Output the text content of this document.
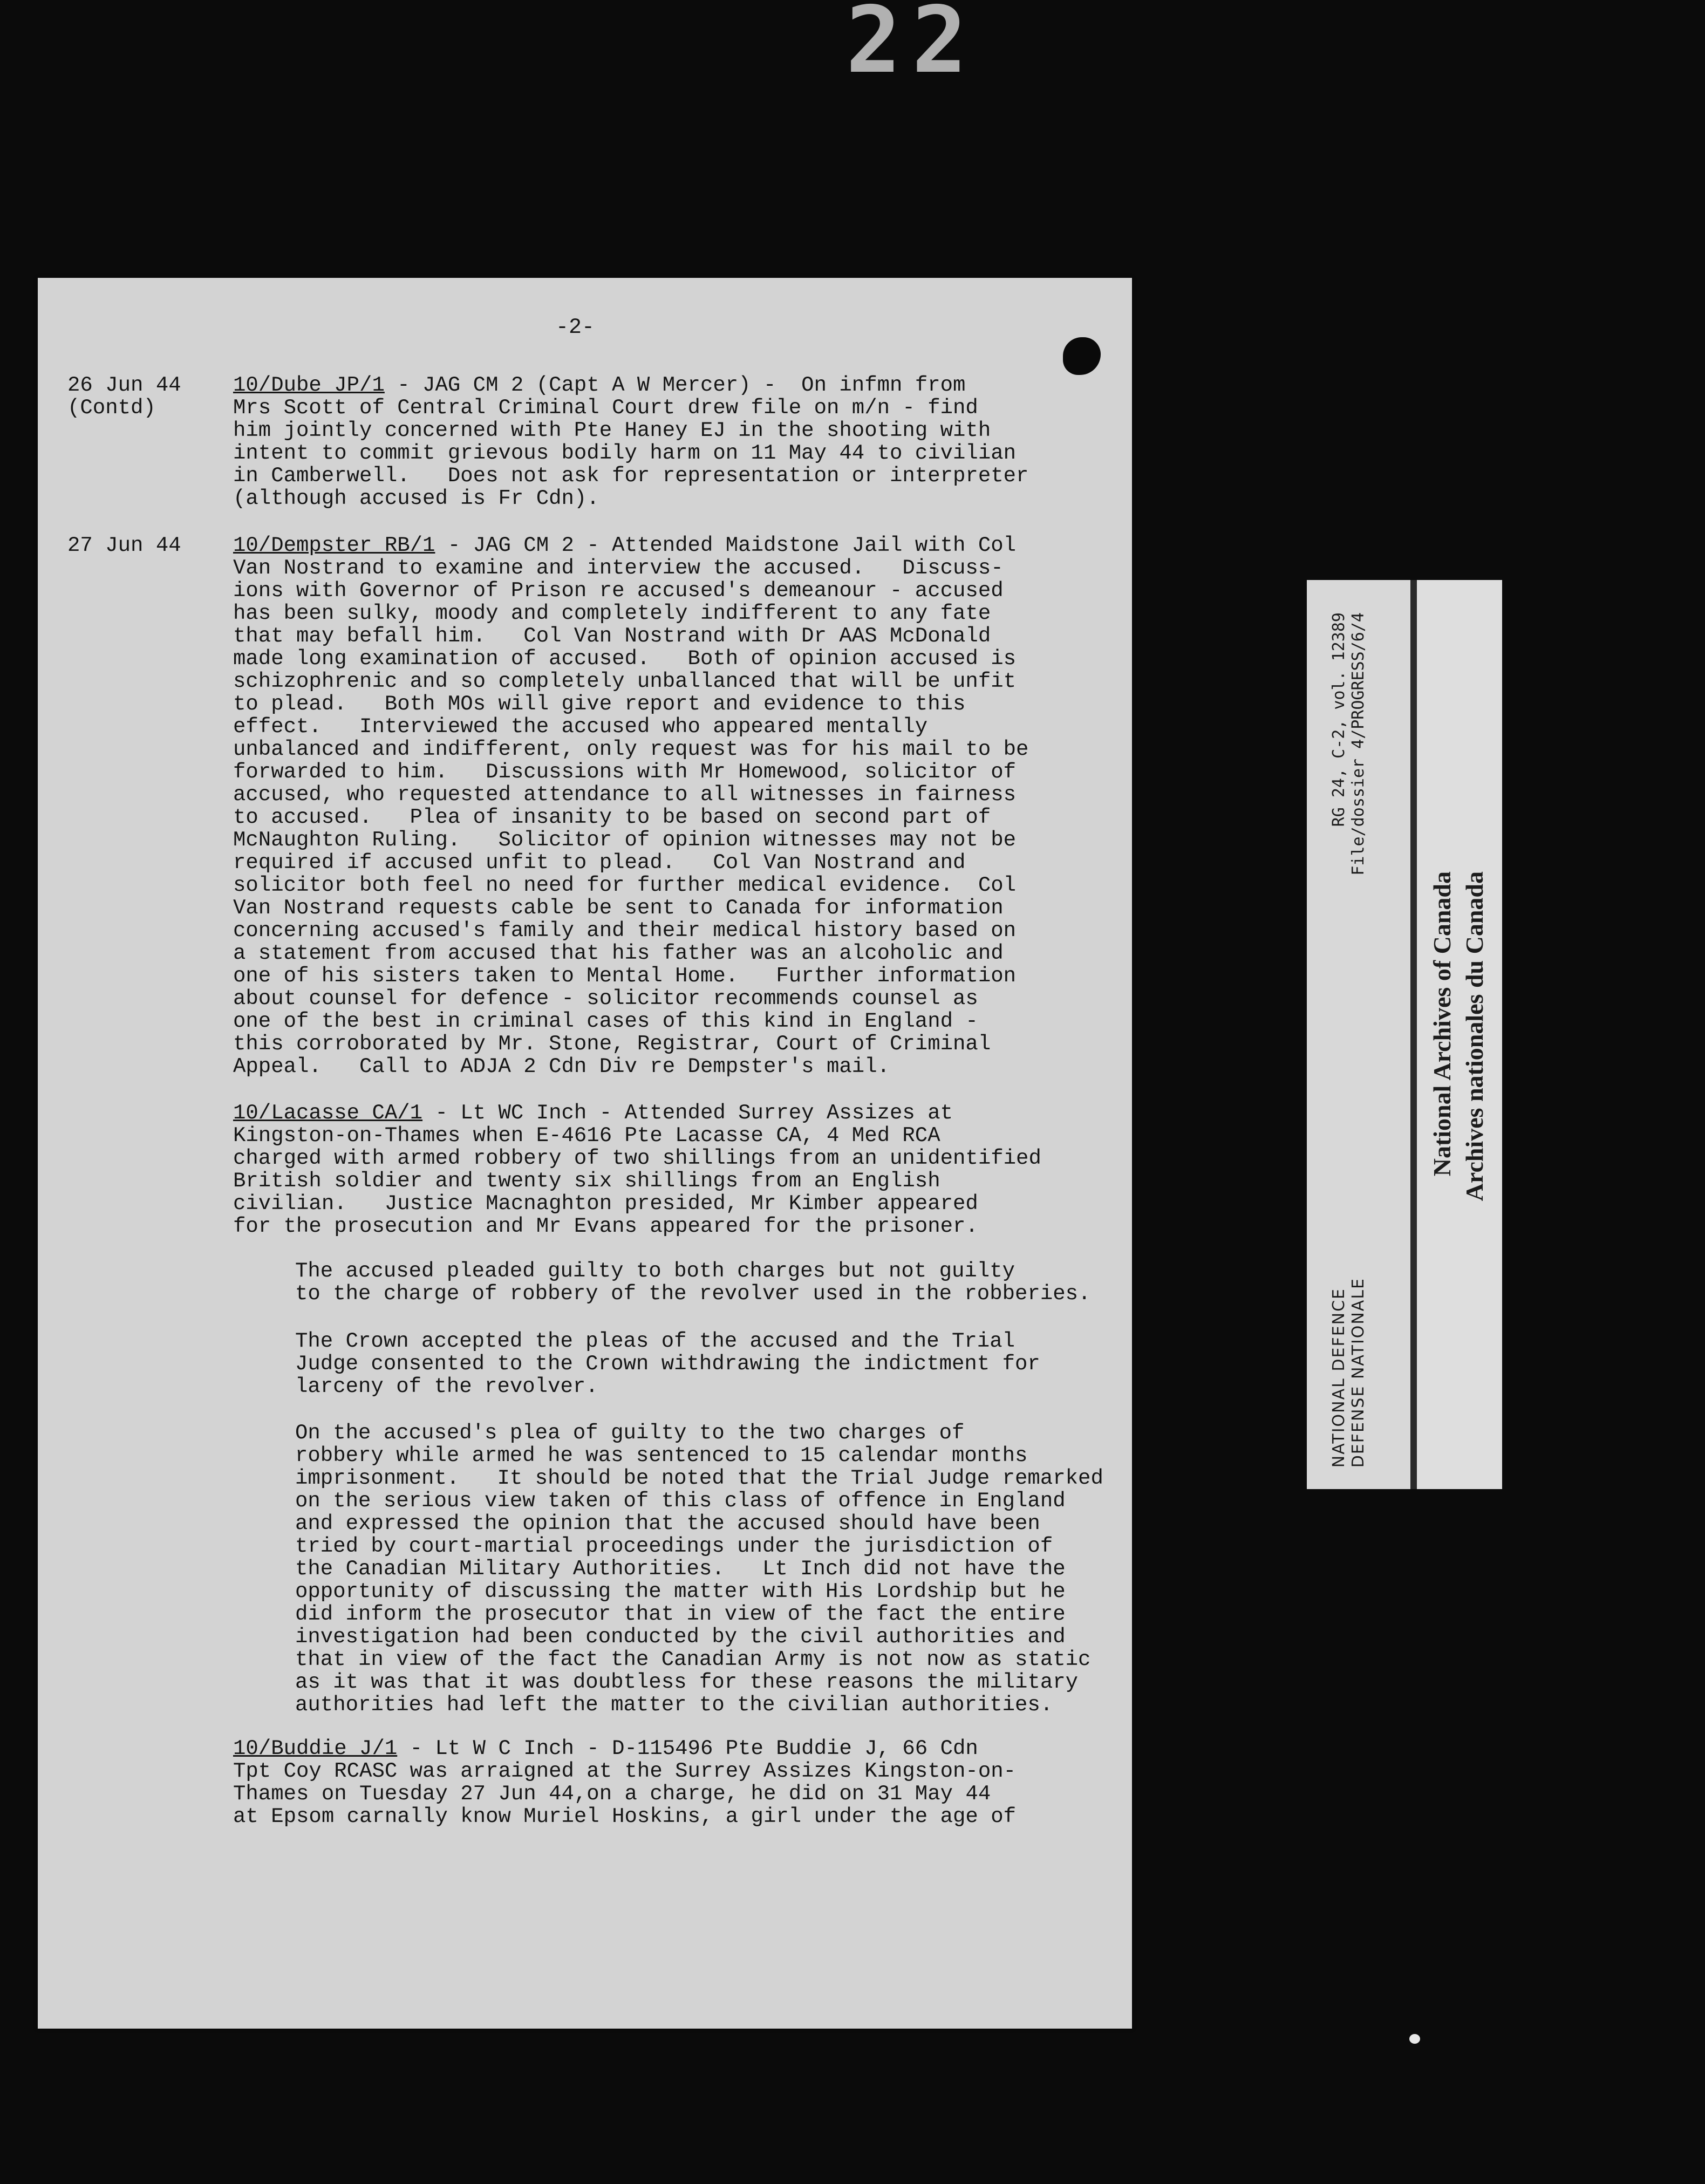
22
-2-
26 Jun 44
(Contd)
10/Dube JP/1 - JAG CM 2 (Capt A W Mercer) -  On infmn from
Mrs Scott of Central Criminal Court drew file on m/n - find
him jointly concerned with Pte Haney EJ in the shooting with
intent to commit grievous bodily harm on 11 May 44 to civilian
in Camberwell.   Does not ask for representation or interpreter
(although accused is Fr Cdn).
27 Jun 44	10/Dempster RB/1 - JAG CM 2 - Attended Maidstone Jail with Col
Van Nostrand to examine and interview the accused.   Discuss-
ions with Governor of Prison re accused's demeanour - accused
has been sulky, moody and completely indifferent to any fate
that may befall him.   Col Van Nostrand with Dr AAS McDonald
made long examination of accused.   Both of opinion accused is
schizophrenic and so completely unballanced that will be unfit
to plead.   Both MOs will give report and evidence to this
effect.   Interviewed the accused who appeared mentally
unbalanced and indifferent, only request was for his mail to be
forwarded to him.   Discussions with Mr Homewood, solicitor of
accused, who requested attendance to all witnesses in fairness
to accused.   Plea of insanity to be based on second part of
McNaughton Ruling.   Solicitor of opinion witnesses may not be
required if accused unfit to plead.   Col Van Nostrand and
solicitor both feel no need for further medical evidence.  Col
Van Nostrand requests cable be sent to Canada for information
concerning accused's family and their medical history based on
a statement from accused that his father was an alcoholic and
one of his sisters taken to Mental Home.   Further information
about counsel for defence - solicitor recommends counsel as
one of the best in criminal cases of this kind in England -
this corroborated by Mr. Stone, Registrar, Court of Criminal
Appeal.   Call to ADJA 2 Cdn Div re Dempster's mail.
10/Lacasse CA/1 - Lt WC Inch - Attended Surrey Assizes at
Kingston-on-Thames when E-4616 Pte Lacasse CA, 4 Med RCA
charged with armed robbery of two shillings from an unidentified
British soldier and twenty six shillings from an English
civilian.   Justice Macnaghton presided, Mr Kimber appeared
for the prosecution and Mr Evans appeared for the prisoner.
The accused pleaded guilty to both charges but not guilty
to the charge of robbery of the revolver used in the robberies.
The Crown accepted the pleas of the accused and the Trial
Judge consented to the Crown withdrawing the indictment for
larceny of the revolver.
On the accused's plea of guilty to the two charges of
robbery while armed he was sentenced to 15 calendar months
imprisonment.   It should be noted that the Trial Judge remarked
on the serious view taken of this class of offence in England
and expressed the opinion that the accused should have been
tried by court-martial proceedings under the jurisdiction of
the Canadian Military Authorities.   Lt Inch did not have the
opportunity of discussing the matter with His Lordship but he
did inform the prosecutor that in view of the fact the entire
investigation had been conducted by the civil authorities and
that in view of the fact the Canadian Army is not now as static
as it was that it was doubtless for these reasons the military
authorities had left the matter to the civilian authorities.
10/Buddie J/1 - Lt W C Inch - D-115496 Pte Buddie J, 66 Cdn
Tpt Coy RCASC was arraigned at the Surrey Assizes Kingston-on-
Thames on Tuesday 27 Jun 44,on a charge, he did on 31 May 44
at Epsom carnally know Muriel Hoskins, a girl under the age of
RG 24, C-2, vol. 12389 File/dossier 4/PROGRESS/6/4
NATIONAL DEFENCE DEFENSE NATIONALE
National Archives of Canada Archives nationales du Canada
